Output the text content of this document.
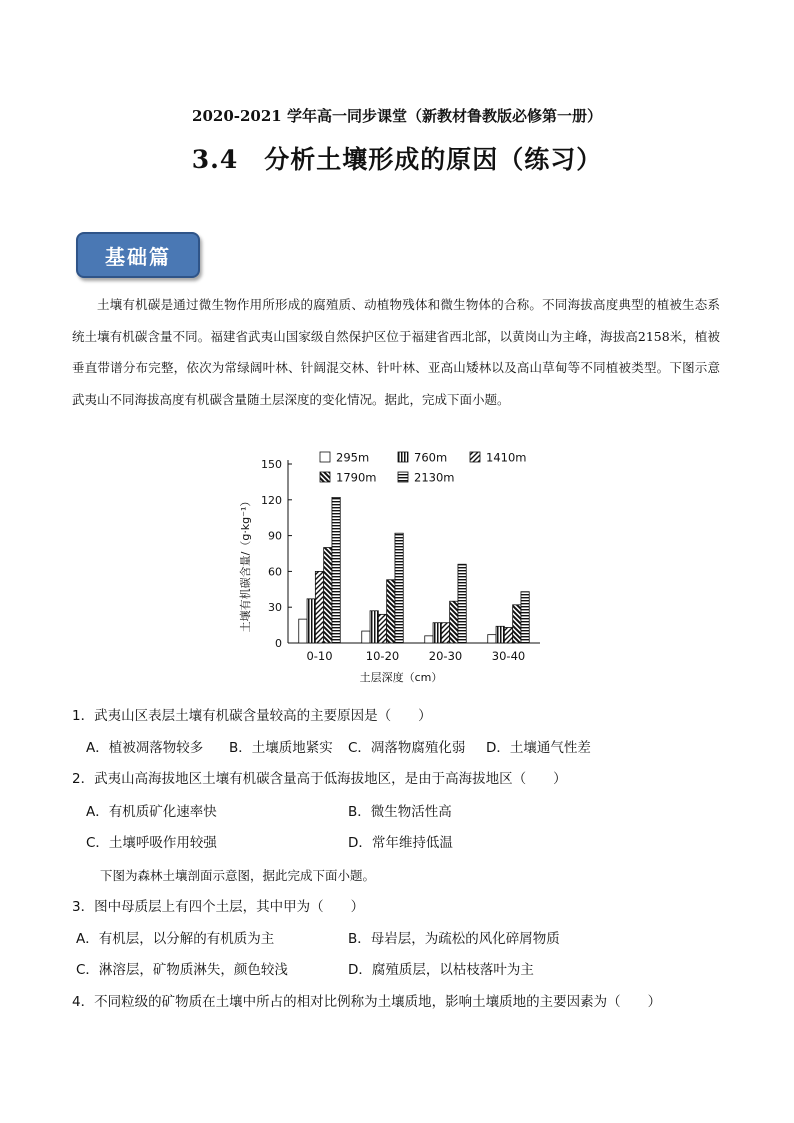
2020-2021 学年高一同步课堂（新教材鲁教版必修第一册）
3.4　分析土壤形成的原因（练习）
基础篇
土壤有机碳是通过微生物作用所形成的腐殖质、动植物残体和微生物体的合称。不同海拔高度典型的植被生态系统土壤有机碳含量不同。福建省武夷山国家级自然保护区位于福建省西北部，以黄岗山为主峰，海拔高2158米，植被垂直带谱分布完整，依次为常绿阔叶林、针阔混交林、针叶林、亚高山矮林以及高山草甸等不同植被类型。下图示意武夷山不同海拔高度有机碳含量随土层深度的变化情况。据此，完成下面小题。
295m	760m	1410m
1790m	2130m
0
30
60
90
120
150
0-10	10-20	20-30	30-40
土壤有机碳含量/（g·kg⁻¹）
土层深度（cm）
1．武夷山区表层土壤有机碳含量较高的主要原因是（　　）
A．植被凋落物较多 B．土壤质地紧实 C．凋落物腐殖化弱 D．土壤通气性差
2．武夷山高海拔地区土壤有机碳含量高于低海拔地区，是由于高海拔地区（　　）
A．有机质矿化速率快	B．微生物活性高
C．土壤呼吸作用较强	D．常年维持低温
下图为森林土壤剖面示意图，据此完成下面小题。
3．图中母质层上有四个土层，其中甲为（　　）
A．有机层，以分解的有机质为主	B．母岩层，为疏松的风化碎屑物质
C．淋溶层，矿物质淋失，颜色较浅	D．腐殖质层，以枯枝落叶为主
4．不同粒级的矿物质在土壤中所占的相对比例称为土壤质地，影响土壤质地的主要因素为（　　）
